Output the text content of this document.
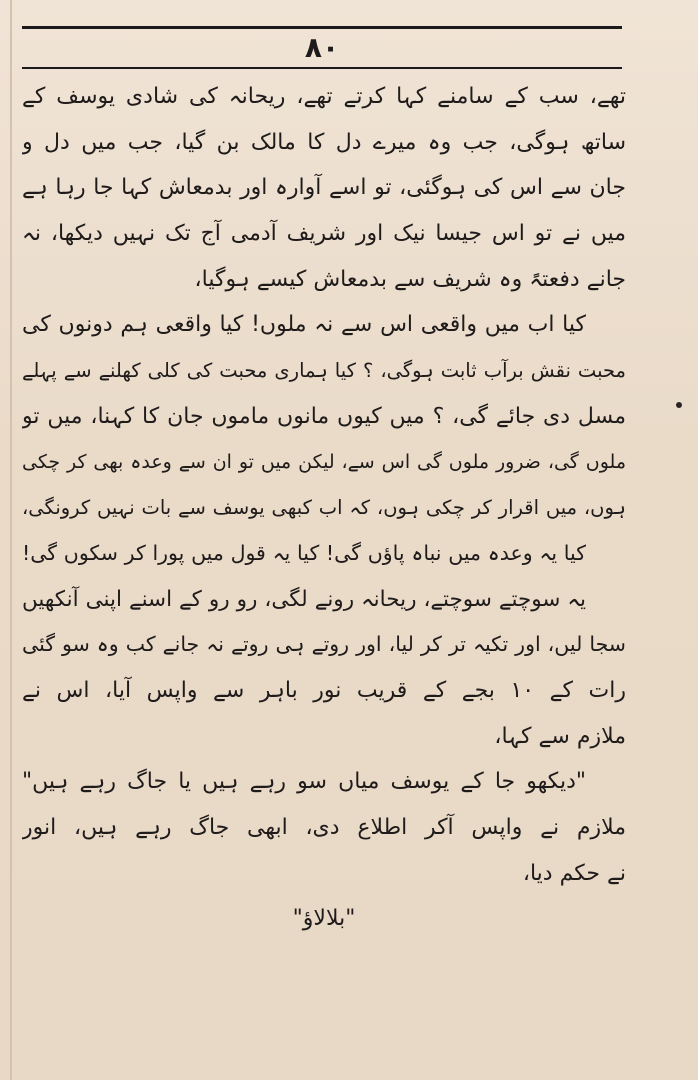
۸۰
تھے، سب کے سامنے کہا کرتے تھے، ریحانہ کی شادی یوسف کے
ساتھ ہوگی، جب وہ میرے دل کا مالک بن گیا، جب میں دل و
جان سے اس کی ہوگئی، تو اسے آوارہ اور بدمعاش کہا جا رہا ہے
میں نے تو اس جیسا نیک اور شریف آدمی آج تک نہیں دیکھا، نہ
جانے دفعتہً وہ شریف سے بدمعاش کیسے ہوگیا،
کیا اب میں واقعی اس سے نہ ملوں! کیا واقعی ہم دونوں کی
محبت نقش برآب ثابت ہوگی، ؟ کیا ہماری محبت کی کلی کھلنے سے پہلے
مسل دی جائے گی، ؟ میں کیوں مانوں ماموں جان کا کہنا، میں تو
ملوں گی، ضرور ملوں گی اس سے، لیکن میں تو ان سے وعدہ بھی کر چکی
ہوں، میں اقرار کر چکی ہوں، کہ اب کبھی یوسف سے بات نہیں کرونگی،
کیا یہ وعدہ میں نباہ پاؤں گی! کیا یہ قول میں پورا کر سکوں گی!
یہ سوچتے سوچتے، ریحانہ رونے لگی، رو رو کے اسنے اپنی آنکھیں
سجا لیں، اور تکیہ تر کر لیا، اور روتے ہی روتے نہ جانے کب وہ سو گئی
رات کے ۱۰ بجے کے قریب نور باہر سے واپس آیا، اس نے
ملازم سے کہا،
"دیکھو جا کے یوسف میاں سو رہے ہیں یا جاگ رہے ہیں"
ملازم نے واپس آکر اطلاع دی، ابھی جاگ رہے ہیں، انور
نے حکم دیا،
"بلالاؤ"
